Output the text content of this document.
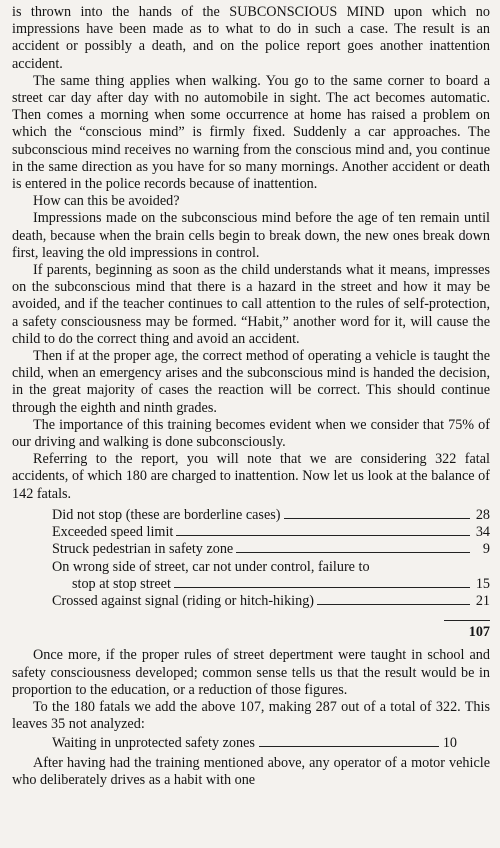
is thrown into the hands of the SUBCONSCIOUS MIND upon which no impressions have been made as to what to do in such a case. The result is an accident or possibly a death, and on the police report goes another inattention accident.

The same thing applies when walking. You go to the same corner to board a street car day after day with no automobile in sight. The act becomes automatic. Then comes a morning when some occurrence at home has raised a problem on which the “conscious mind” is firmly fixed. Suddenly a car approaches. The subconscious mind receives no warning from the conscious mind and, you continue in the same direction as you have for so many mornings. Another accident or death is entered in the police records because of inattention.

How can this be avoided?

Impressions made on the subconscious mind before the age of ten remain until death, because when the brain cells begin to break down, the new ones break down first, leaving the old impressions in control.

If parents, beginning as soon as the child understands what it means, impresses on the subconscious mind that there is a hazard in the street and how it may be avoided, and if the teacher continues to call attention to the rules of self-protection, a safety consciousness may be formed. “Habit,” another word for it, will cause the child to do the correct thing and avoid an accident.

Then if at the proper age, the correct method of operating a vehicle is taught the child, when an emergency arises and the subconscious mind is handed the decision, in the great majority of cases the reaction will be correct. This should continue through the eighth and ninth grades.

The importance of this training becomes evident when we consider that 75% of our driving and walking is done subconsciously.

Referring to the report, you will note that we are considering 322 fatal accidents, of which 180 are charged to inattention. Now let us look at the balance of 142 fatals.

Did not stop (these are borderline cases)	28
Exceeded speed limit	34
Struck pedestrian in safety zone	9
On wrong side of street, car not under control, failure to
stop at stop street	15
Crossed against signal (riding or hitch-hiking)	21
107

Once more, if the proper rules of street depertment were taught in school and safety consciousness developed; common sense tells us that the result would be in proportion to the education, or a reduction of those figures.

To the 180 fatals we add the above 107, making 287 out of a total of 322. This leaves 35 not analyzed:

Waiting in unprotected safety zones	10

After having had the training mentioned above, any operator of a motor vehicle who deliberately drives as a habit with one
